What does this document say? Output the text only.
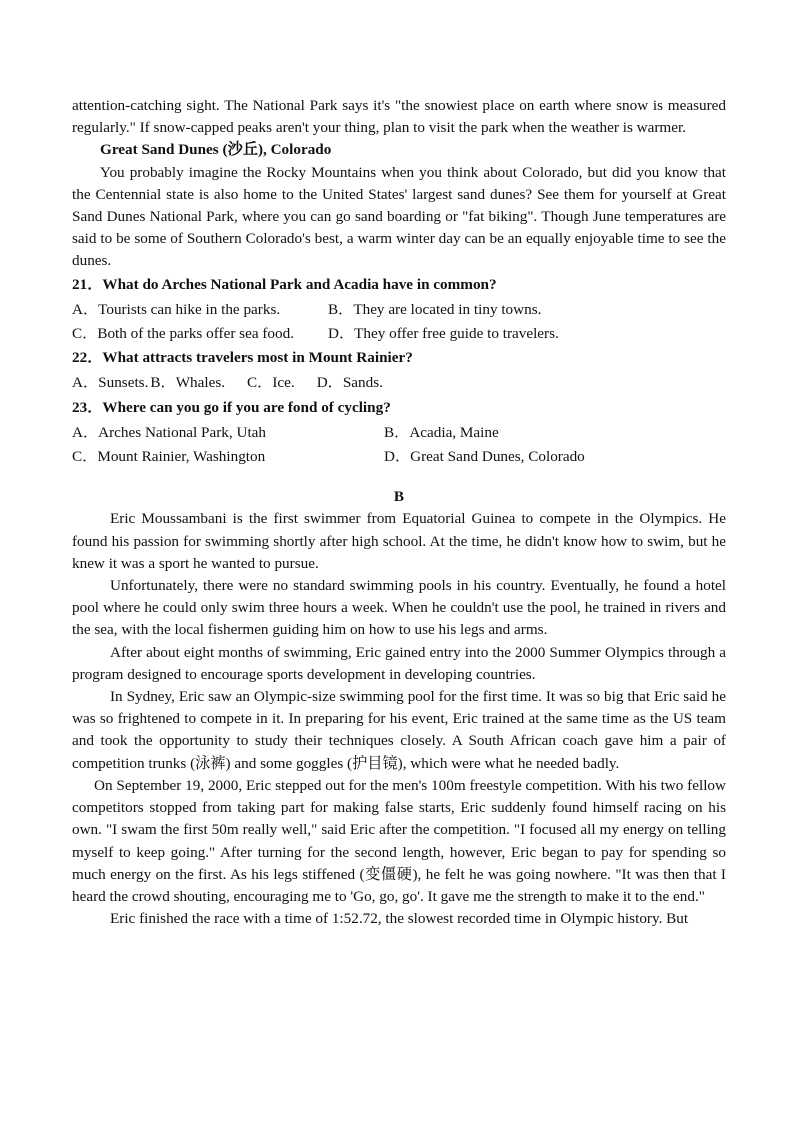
attention-catching sight. The National Park says it's "the snowiest place on earth where snow is measured regularly." If snow-capped peaks aren't your thing, plan to visit the park when the weather is warmer.

Great Sand Dunes (沙丘), Colorado

You probably imagine the Rocky Mountains when you think about Colorado, but did you know that the Centennial state is also home to the United States' largest sand dunes? See them for yourself at Great Sand Dunes National Park, where you can go sand boarding or "fat biking". Though June temperatures are said to be some of Southern Colorado's best, a warm winter day can be an equally enjoyable time to see the dunes.

21．What do Arches National Park and Acadia have in common?

A．Tourists can hike in the parks.	B．They are located in tiny towns.
C．Both of the parks offer sea food.	D．They offer free guide to travelers.

22．What attracts travelers most in Mount Rainier?

A．Sunsets. B．Whales. C．Ice. D．Sands.

23．Where can you go if you are fond of cycling?

A．Arches National Park, Utah	B．Acadia, Maine
C．Mount Rainier, Washington	D．Great Sand Dunes, Colorado

B

Eric Moussambani is the first swimmer from Equatorial Guinea to compete in the Olympics. He found his passion for swimming shortly after high school. At the time, he didn't know how to swim, but he knew it was a sport he wanted to pursue.

Unfortunately, there were no standard swimming pools in his country. Eventually, he found a hotel pool where he could only swim three hours a week. When he couldn't use the pool, he trained in rivers and the sea, with the local fishermen guiding him on how to use his legs and arms.

After about eight months of swimming, Eric gained entry into the 2000 Summer Olympics through a program designed to encourage sports development in developing countries.

In Sydney, Eric saw an Olympic-size swimming pool for the first time. It was so big that Eric said he was so frightened to compete in it. In preparing for his event, Eric trained at the same time as the US team and took the opportunity to study their techniques closely. A South African coach gave him a pair of competition trunks (泳裤) and some goggles (护目镜), which were what he needed badly.

On September 19, 2000, Eric stepped out for the men's 100m freestyle competition. With his two fellow competitors stopped from taking part for making false starts, Eric suddenly found himself racing on his own. "I swam the first 50m really well," said Eric after the competition. "I focused all my energy on telling myself to keep going." After turning for the second length, however, Eric began to pay for spending so much energy on the first. As his legs stiffened (变僵硬), he felt he was going nowhere. "It was then that I heard the crowd shouting, encouraging me to 'Go, go, go'. It gave me the strength to make it to the end."

Eric finished the race with a time of 1:52.72, the slowest recorded time in Olympic history. But
